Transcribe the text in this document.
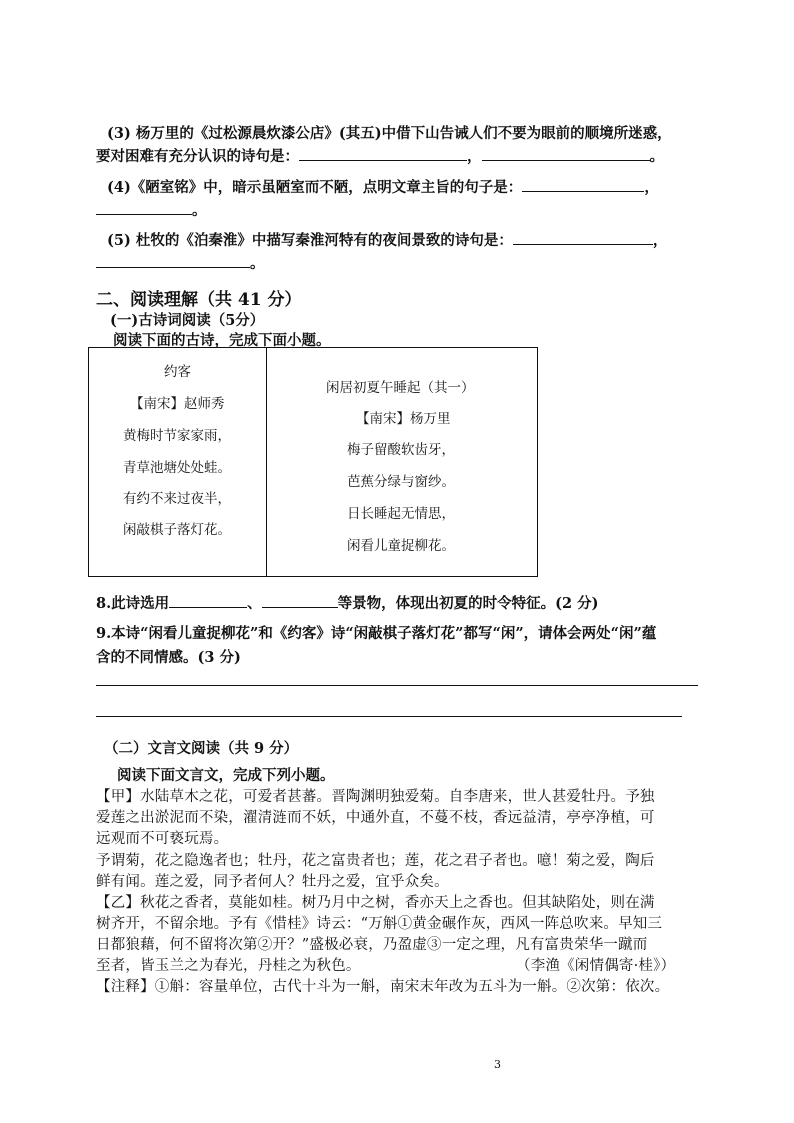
(3) 杨万里的《过松源晨炊漆公店》(其五)中借下山告诫人们不要为眼前的顺境所迷惑，
要对困难有充分认识的诗句是：	，	。
(4)《陋室铭》中，暗示虽陋室而不陋，点明文章主旨的句子是：	，
。
(5) 杜牧的《泊秦淮》中描写秦淮河特有的夜间景致的诗句是：	，
。
二、阅读理解（共 41 分）
(一)古诗词阅读（5分）
阅读下面的古诗，完成下面小题。
约客
【南宋】赵师秀
黄梅时节家家雨，
青草池塘处处蛙。
有约不来过夜半，
闲敲棋子落灯花。
闲居初夏午睡起（其一）
【南宋】杨万里
梅子留酸软齿牙，
芭蕉分绿与窗纱。
日长睡起无情思，
闲看儿童捉柳花。
8.此诗选用	、	等景物，体现出初夏的时令特征。(2 分)
9.本诗“闲看儿童捉柳花”和《约客》诗“闲敲棋子落灯花”都写“闲”，请体会两处“闲”蕴
含的不同情感。(3 分)
（二）文言文阅读（共 9 分）
阅读下面文言文，完成下列小题。
【甲】水陆草木之花，可爱者甚蕃。晋陶渊明独爱菊。自李唐来，世人甚爱牡丹。予独
爱莲之出淤泥而不染，濯清涟而不妖，中通外直，不蔓不枝，香远益清，亭亭净植，可
远观而不可亵玩焉。
予谓菊，花之隐逸者也；牡丹，花之富贵者也；莲，花之君子者也。噫！菊之爱，陶后
鲜有闻。莲之爱，同予者何人？牡丹之爱，宜乎众矣。
【乙】秋花之香者，莫能如桂。树乃月中之树，香亦天上之香也。但其缺陷处，则在满
树齐开，不留余地。予有《惜桂》诗云：“万斛①黄金碾作灰，西风一阵总吹来。早知三
日都狼藉，何不留将次第②开？”盛极必衰，乃盈虚③一定之理，凡有富贵荣华一蹴而
至者，皆玉兰之为春光，丹桂之为秋色。	（李渔《闲情偶寄·桂》）
【注释】①斛：容量单位，古代十斗为一斛，南宋末年改为五斗为一斛。②次第：依次。
3
